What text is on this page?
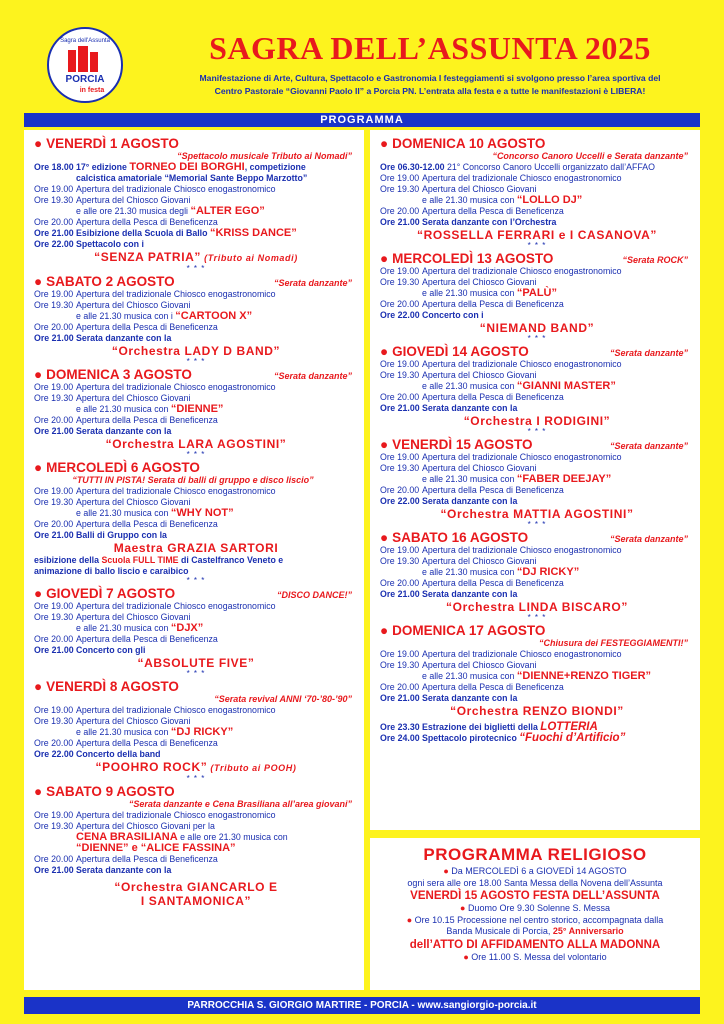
Sagra dell'Assunta
PORCIA
in festa
SAGRA DELL’ASSUNTA 2025
Manifestazione di Arte, Cultura, Spettacolo e Gastronomia I festeggiamenti si svolgono presso l’area sportiva del
Centro Pastorale “Giovanni Paolo II” a Porcia PN. L’entrata alla festa e a tutte le manifestazioni è LIBERA!
PROGRAMMA
● VENERDÌ 1 AGOSTO
“Spettacolo musicale Tributo ai Nomadi”
Ore 18.00 17° edizione TORNEO DEI BORGHI, competizione
calcistica amatoriale “Memorial Sante Beppo Marzotto”
Ore 19.00 Apertura del tradizionale Chiosco enogastronomico
Ore 19.30 Apertura del Chiosco Giovani
e alle ore 21.30 musica degli “ALTER EGO”
Ore 20.00 Apertura della Pesca di Beneficenza
Ore 21.00 Esibizione della Scuola di Ballo “KRISS DANCE”
Ore 22.00 Spettacolo con i
“SENZA PATRIA” (Tributo ai Nomadi)
* * *
● SABATO 2 AGOSTO	“Serata danzante”
Ore 19.00 Apertura del tradizionale Chiosco enogastronomico
Ore 19.30 Apertura del Chiosco Giovani
e alle 21.30 musica con i “CARTOON X”
Ore 20.00 Apertura della Pesca di Beneficenza
Ore 21.00 Serata danzante con la
“Orchestra LADY D BAND”
* * *
● DOMENICA 3 AGOSTO	“Serata danzante”
Ore 19.00 Apertura del tradizionale Chiosco enogastronomico
Ore 19.30 Apertura del Chiosco Giovani
e alle 21.30 musica con “DIENNE”
Ore 20.00 Apertura della Pesca di Beneficenza
Ore 21.00 Serata danzante con la
“Orchestra LARA AGOSTINI”
* * *
● MERCOLEDÌ 6 AGOSTO
“TUTTI IN PISTA! Serata di balli di gruppo e disco liscio”
Ore 19.00 Apertura del tradizionale Chiosco enogastronomico
Ore 19.30 Apertura del Chiosco Giovani
e alle 21.30 musica con “WHY NOT”
Ore 20.00 Apertura della Pesca di Beneficenza
Ore 21.00 Balli di Gruppo con la
Maestra GRAZIA SARTORI
esibizione della Scuola FULL TIME di Castelfranco Veneto e
animazione di ballo liscio e caraibico
* * *
● GIOVEDÌ 7 AGOSTO	“DISCO DANCE!”
Ore 19.00 Apertura del tradizionale Chiosco enogastronomico
Ore 19.30 Apertura del Chiosco Giovani
e alle 21.30 musica con “DJX”
Ore 20.00 Apertura della Pesca di Beneficenza
Ore 21.00 Concerto con gli
“ABSOLUTE FIVE”
* * *
● VENERDÌ 8 AGOSTO
“Serata revival ANNI ‘70-’80-’90”
Ore 19.00 Apertura del tradizionale Chiosco enogastronomico
Ore 19.30 Apertura del Chiosco Giovani
e alle 21.30 musica con “DJ RICKY”
Ore 20.00 Apertura della Pesca di Beneficenza
Ore 22.00 Concerto della band
“POOHRO ROCK” (Tributo ai POOH)
* * *
● SABATO 9 AGOSTO
“Serata danzante e Cena Brasiliana all’area giovani”
Ore 19.00 Apertura del tradizionale Chiosco enogastronomico
Ore 19.30 Apertura del Chiosco Giovani per la
CENA BRASILIANA e alle ore 21.30 musica con
“DIENNE” e “ALICE FASSINA”
Ore 20.00 Apertura della Pesca di Beneficenza
Ore 21.00 Serata danzante con la
“Orchestra GIANCARLO E
I SANTAMONICA”
● DOMENICA 10 AGOSTO
“Concorso Canoro Uccelli e Serata danzante”
Ore 06.30-12.00 21° Concorso Canoro Uccelli organizzato dall’AFFAO
Ore 19.00 Apertura del tradizionale Chiosco enogastronomico
Ore 19.30 Apertura del Chiosco Giovani
e alle 21.30 musica con “LOLLO DJ”
Ore 20.00 Apertura della Pesca di Beneficenza
Ore 21.00 Serata danzante con l’Orchestra
“ROSSELLA FERRARI e I CASANOVA”
* * *
● MERCOLEDÌ 13 AGOSTO	“Serata ROCK”
Ore 19.00 Apertura del tradizionale Chiosco enogastronomico
Ore 19.30 Apertura del Chiosco Giovani
e alle 21.30 musica con “PALÙ”
Ore 20.00 Apertura della Pesca di Beneficenza
Ore 22.00 Concerto con i
“NIEMAND BAND”
* * *
● GIOVEDÌ 14 AGOSTO	“Serata danzante”
Ore 19.00 Apertura del tradizionale Chiosco enogastronomico
Ore 19.30 Apertura del Chiosco Giovani
e alle 21.30 musica con “GIANNI MASTER”
Ore 20.00 Apertura della Pesca di Beneficenza
Ore 21.00 Serata danzante con la
“Orchestra I RODIGINI”
* * *
● VENERDÌ 15 AGOSTO	“Serata danzante”
Ore 19.00 Apertura del tradizionale Chiosco enogastronomico
Ore 19.30 Apertura del Chiosco Giovani
e alle 21.30 musica con “FABER DEEJAY”
Ore 20.00 Apertura della Pesca di Beneficenza
Ore 22.00 Serata danzante con la
“Orchestra MATTIA AGOSTINI”
* * *
● SABATO 16 AGOSTO	“Serata danzante”
Ore 19.00 Apertura del tradizionale Chiosco enogastronomico
Ore 19.30 Apertura del Chiosco Giovani
e alle 21.30 musica con “DJ RICKY”
Ore 20.00 Apertura della Pesca di Beneficenza
Ore 21.00 Serata danzante con la
“Orchestra LINDA BISCARO”
* * *
● DOMENICA 17 AGOSTO
“Chiusura dei FESTEGGIAMENTI!”
Ore 19.00 Apertura del tradizionale Chiosco enogastronomico
Ore 19.30 Apertura del Chiosco Giovani
e alle 21.30 musica con “DIENNE+RENZO TIGER”
Ore 20.00 Apertura della Pesca di Beneficenza
Ore 21.00 Serata danzante con la
“Orchestra RENZO BIONDI”
Ore 23.30 Estrazione dei biglietti della LOTTERIA
Ore 24.00 Spettacolo pirotecnico “Fuochi d’Artificio”
PROGRAMMA RELIGIOSO
● Da MERCOLEDÌ 6 a GIOVEDÌ 14 AGOSTO
ogni sera alle ore 18.00 Santa Messa della Novena dell’Assunta
VENERDÌ 15 AGOSTO FESTA DELL’ASSUNTA
● Duomo Ore 9.30 Solenne S. Messa
● Ore 10.15 Processione nel centro storico, accompagnata dalla
Banda Musicale di Porcia, 25° Anniversario
dell’ATTO DI AFFIDAMENTO ALLA MADONNA
● Ore 11.00 S. Messa del volontario
PARROCCHIA S. GIORGIO MARTIRE - PORCIA - www.sangiorgio-porcia.it
